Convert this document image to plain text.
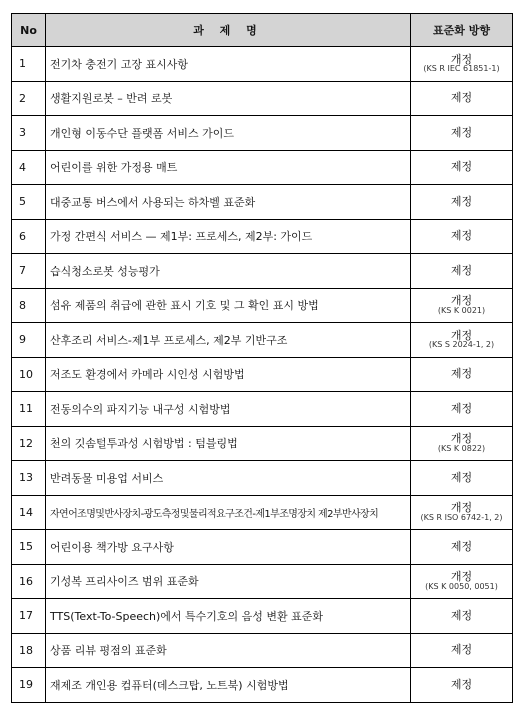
No	과 제 명	표준화 방향
1	전기차 충전기 고장 표시사항	개정
(KS R IEC 61851-1)

2	생활지원로봇 – 반려 로봇	제정

3	개인형 이동수단 플랫폼 서비스 가이드	제정

4	어린이를 위한 가정용 매트	제정

5	대중교통 버스에서 사용되는 하차벨 표준화	제정

6	가정 간편식 서비스 — 제1부: 프로세스, 제2부: 가이드	제정

7	습식청소로봇 성능평가	제정

8	섬유 제품의 취급에 관한 표시 기호 및 그 확인 표시 방법	개정
(KS K 0021)

9	산후조리 서비스-제1부 프로세스, 제2부 기반구조	개정
(KS S 2024-1, 2)

10	저조도 환경에서 카메라 시인성 시험방법	제정

11	전동의수의 파지기능 내구성 시험방법	제정

12	천의 깃솜털투과성 시험방법 : 텀블링법	개정
(KS K 0822)

13	반려동물 미용업 서비스	제정

14	자연어조명및반사장치-광도측정및물리적요구조건-제1부조명장치 제2부반사장치	개정
(KS R ISO 6742-1, 2)

15	어린이용 책가방 요구사항	제정

16	기성복 프리사이즈 범위 표준화	개정
(KS K 0050, 0051)

17	TTS(Text-To-Speech)에서 특수기호의 음성 변환 표준화	제정

18	상품 리뷰 평점의 표준화	제정

19	재제조 개인용 컴퓨터(데스크탑, 노트북) 시험방법	제정
